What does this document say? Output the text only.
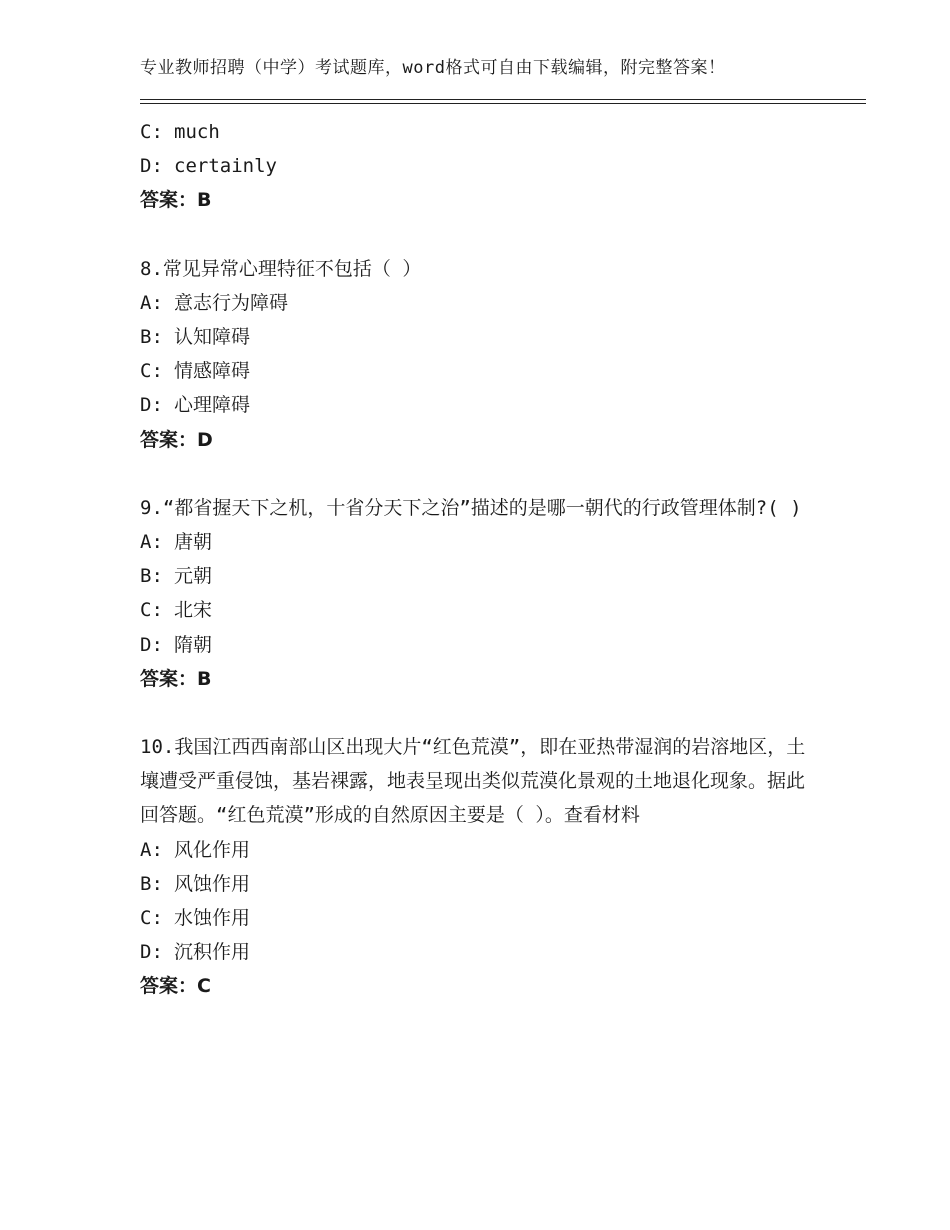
专业教师招聘（中学）考试题库，word格式可自由下载编辑，附完整答案！
C: much
D: certainly
答案：B
8.常见异常心理特征不包括（ ）
A: 意志行为障碍
B: 认知障碍
C: 情感障碍
D: 心理障碍
答案：D
9.“都省握天下之机，十省分天下之治”描述的是哪一朝代的行政管理体制?( )
A: 唐朝
B: 元朝
C: 北宋
D: 隋朝
答案：B
10.我国江西西南部山区出现大片“红色荒漠”，即在亚热带湿润的岩溶地区，土壤遭受严重侵蚀，基岩裸露，地表呈现出类似荒漠化景观的土地退化现象。据此回答题。“红色荒漠”形成的自然原因主要是（ ）。查看材料
A: 风化作用
B: 风蚀作用
C: 水蚀作用
D: 沉积作用
答案：C
